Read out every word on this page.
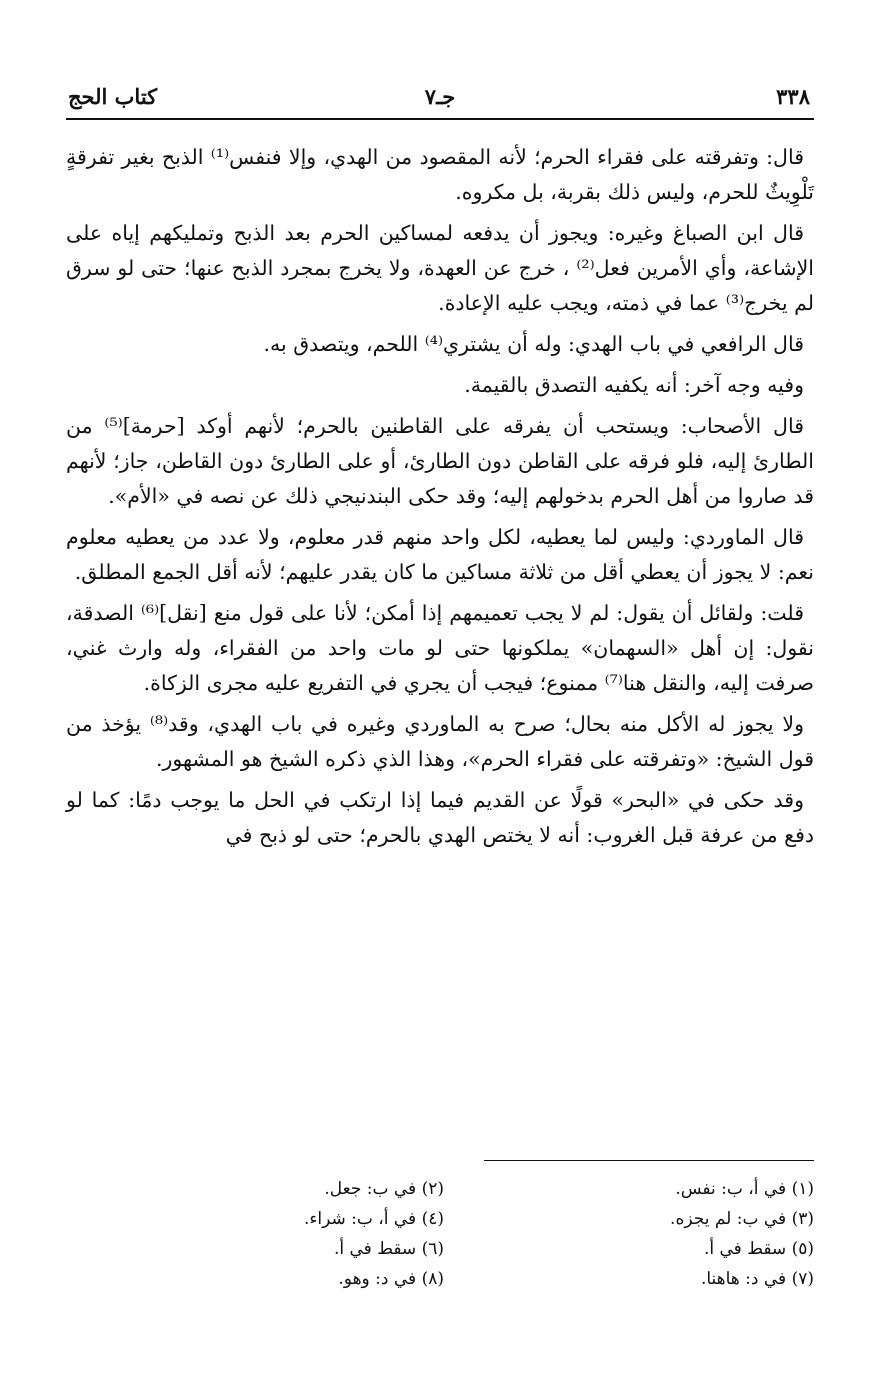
٣٣٨
جـ٧
كتاب الحج

قال: وتفرقته على فقراء الحرم؛ لأنه المقصود من الهدي، وإلا فنفس⁽¹⁾ الذبح بغير تفرقةٍ تَلْوِيثٌ للحرم، وليس ذلك بقربة، بل مكروه.

قال ابن الصباغ وغيره: ويجوز أن يدفعه لمساكين الحرم بعد الذبح وتمليكهم إياه على الإشاعة، وأي الأمرين فعل⁽²⁾ ، خرج عن العهدة، ولا يخرج بمجرد الذبح عنها؛ حتى لو سرق لم يخرج⁽³⁾ عما في ذمته، ويجب عليه الإعادة.

قال الرافعي في باب الهدي: وله أن يشتري⁽⁴⁾ اللحم، ويتصدق به.

وفيه وجه آخر: أنه يكفيه التصدق بالقيمة.

قال الأصحاب: ويستحب أن يفرقه على القاطنين بالحرم؛ لأنهم أوكد [حرمة]⁽⁵⁾ من الطارئ إليه، فلو فرقه على القاطن دون الطارئ، أو على الطارئ دون القاطن، جاز؛ لأنهم قد صاروا من أهل الحرم بدخولهم إليه؛ وقد حكى البندنيجي ذلك عن نصه في «الأم».

قال الماوردي: وليس لما يعطيه، لكل واحد منهم قدر معلوم، ولا عدد من يعطيه معلوم نعم: لا يجوز أن يعطي أقل من ثلاثة مساكين ما كان يقدر عليهم؛ لأنه أقل الجمع المطلق.

قلت: ولقائل أن يقول: لم لا يجب تعميمهم إذا أمكن؛ لأنا على قول منع [نقل]⁽⁶⁾ الصدقة، نقول: إن أهل «السهمان» يملكونها حتى لو مات واحد من الفقراء، وله وارث غني، صرفت إليه، والنقل هنا⁽⁷⁾ ممنوع؛ فيجب أن يجري في التفريع عليه مجرى الزكاة.

ولا يجوز له الأكل منه بحال؛ صرح به الماوردي وغيره في باب الهدي، وقد⁽⁸⁾ يؤخذ من قول الشيخ: «وتفرقته على فقراء الحرم»، وهذا الذي ذكره الشيخ هو المشهور.

وقد حكى في «البحر» قولًا عن القديم فيما إذا ارتكب في الحل ما يوجب دمًا: كما لو دفع من عرفة قبل الغروب: أنه لا يختص الهدي بالحرم؛ حتى لو ذبح في

(١) في أ، ب: نفس.
(٣) في ب: لم يجزه.
(٥) سقط في أ.
(٧) في د: هاهنا.
(٢) في ب: جعل.
(٤) في أ، ب: شراء.
(٦) سقط في أ.
(٨) في د: وهو.
